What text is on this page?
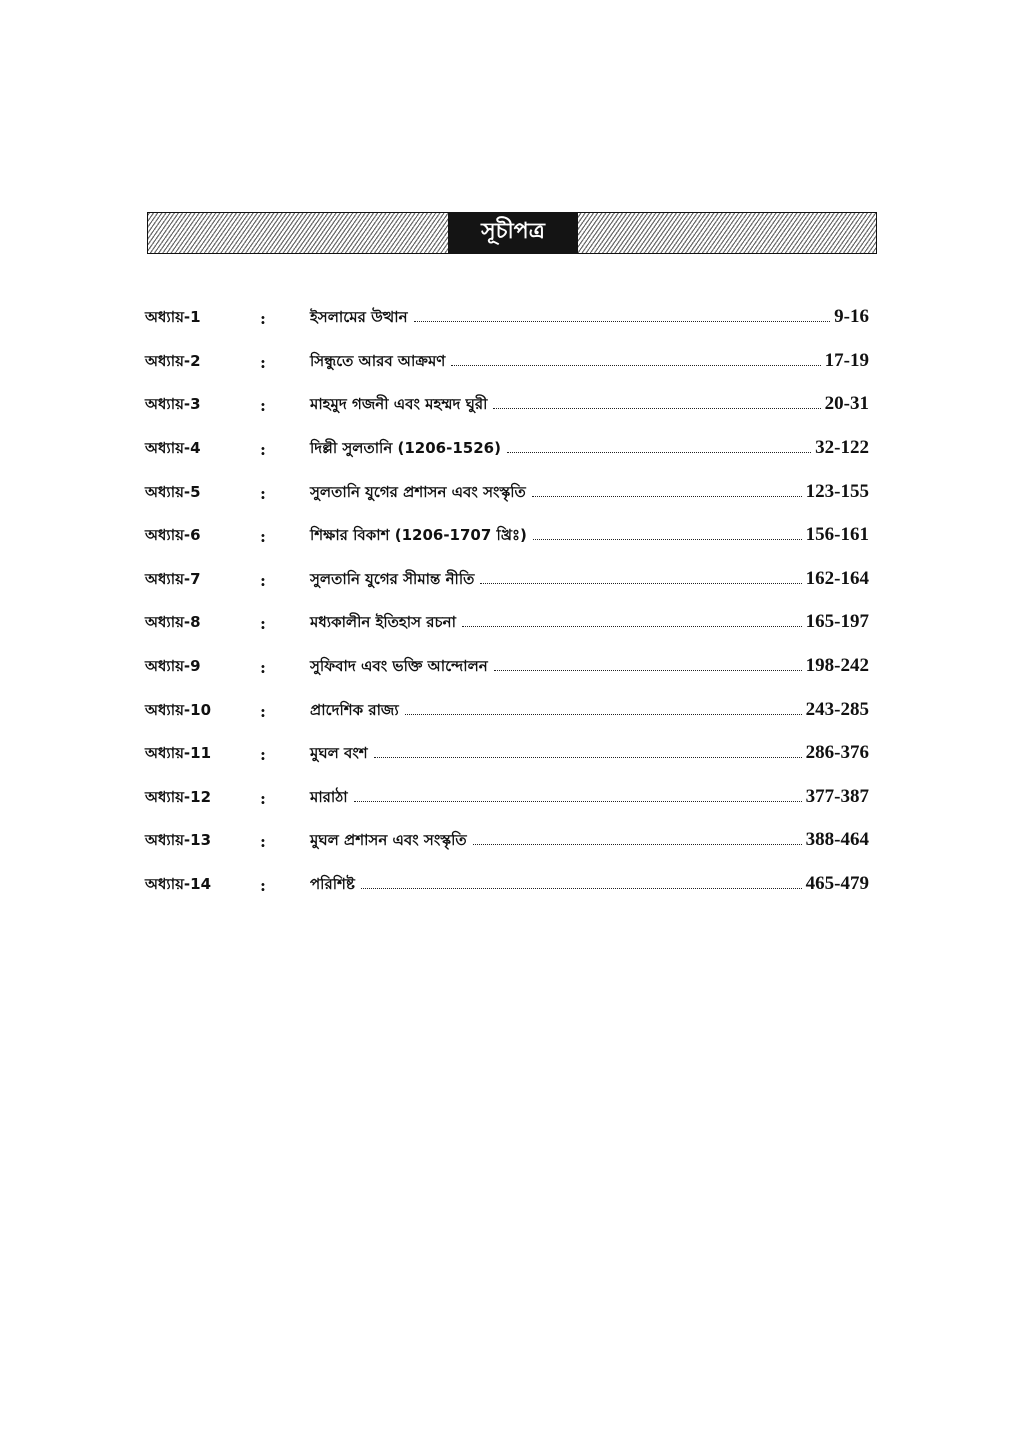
সূচীপত্র
অধ্যায়-1	:	ইসলামের উত্থান	9-16
অধ্যায়-2	:	সিন্ধুতে আরব আক্রমণ	17-19
অধ্যায়-3	:	মাহমুদ গজনী এবং মহম্মদ ঘুরী	20-31
অধ্যায়-4	:	দিল্লী সুলতানি (1206-1526)	32-122
অধ্যায়-5	:	সুলতানি যুগের প্রশাসন এবং সংস্কৃতি	123-155
অধ্যায়-6	:	শিক্ষার বিকাশ (1206-1707 খ্রিঃ)	156-161
অধ্যায়-7	:	সুলতানি যুগের সীমান্ত নীতি	162-164
অধ্যায়-8	:	মধ্যকালীন ইতিহাস রচনা	165-197
অধ্যায়-9	:	সুফিবাদ এবং ভক্তি আন্দোলন	198-242
অধ্যায়-10	:	প্রাদেশিক রাজ্য	243-285
অধ্যায়-11	:	মুঘল বংশ	286-376
অধ্যায়-12	:	মারাঠা	377-387
অধ্যায়-13	:	মুঘল প্রশাসন এবং সংস্কৃতি	388-464
অধ্যায়-14	:	পরিশিষ্ট	465-479
